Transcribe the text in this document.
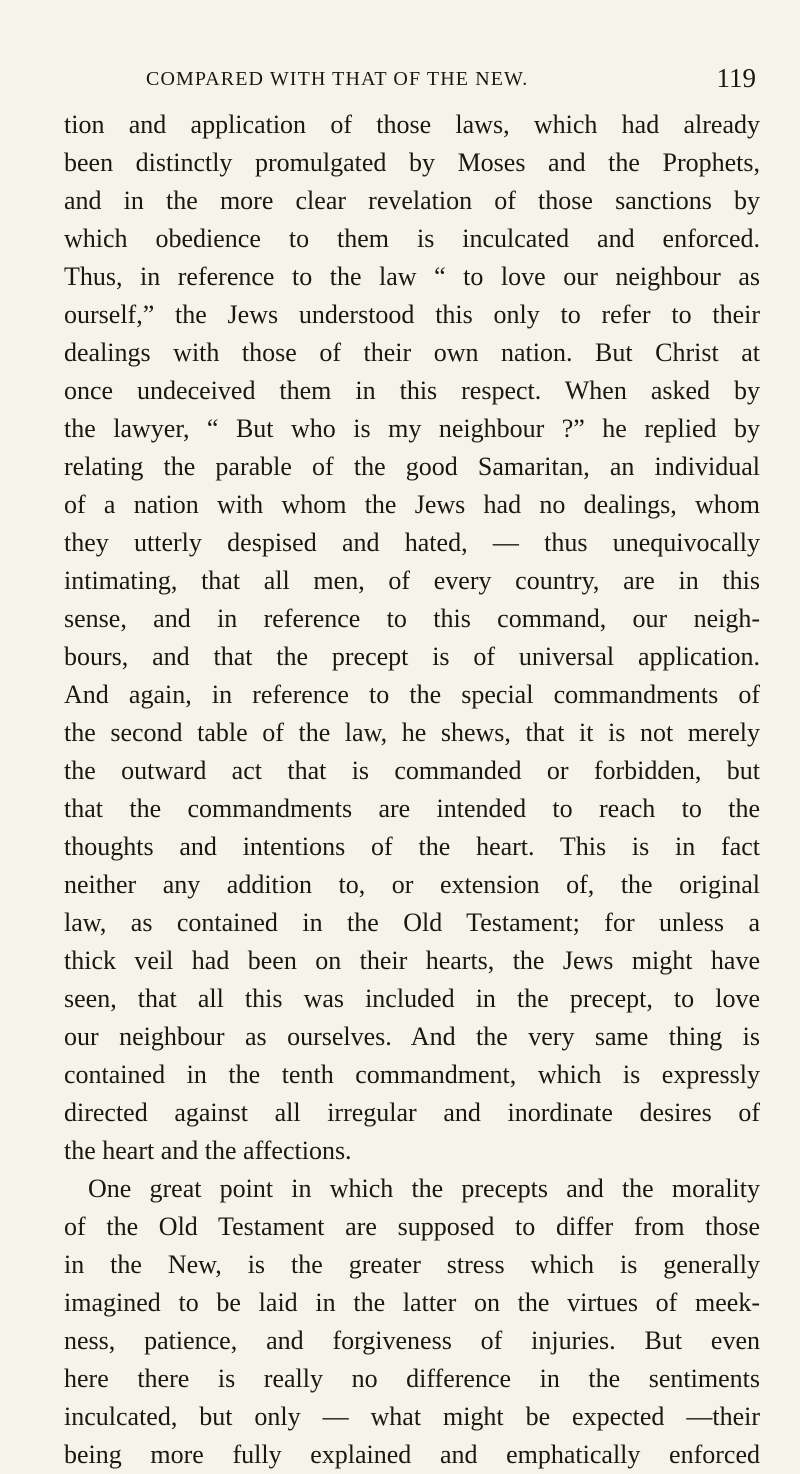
COMPARED WITH THAT OF THE NEW.	119
tion and application of those laws, which had already
been distinctly promulgated by Moses and the Prophets,
and in the more clear revelation of those sanctions by
which obedience to them is inculcated and enforced.
Thus, in reference to the law “ to love our neighbour as
ourself,” the Jews understood this only to refer to their
dealings with those of their own nation. But Christ at
once undeceived them in this respect. When asked by
the lawyer, “ But who is my neighbour ?” he replied by
relating the parable of the good Samaritan, an individual
of a nation with whom the Jews had no dealings, whom
they utterly despised and hated, — thus unequivocally
intimating, that all men, of every country, are in this
sense, and in reference to this command, our neigh-
bours, and that the precept is of universal application.
And again, in reference to the special commandments of
the second table of the law, he shews, that it is not merely
the outward act that is commanded or forbidden, but
that the commandments are intended to reach to the
thoughts and intentions of the heart. This is in fact
neither any addition to, or extension of, the original
law, as contained in the Old Testament; for unless a
thick veil had been on their hearts, the Jews might have
seen, that all this was included in the precept, to love
our neighbour as ourselves. And the very same thing is
contained in the tenth commandment, which is expressly
directed against all irregular and inordinate desires of
the heart and the affections.
One great point in which the precepts and the morality
of the Old Testament are supposed to differ from those
in the New, is the greater stress which is generally
imagined to be laid in the latter on the virtues of meek-
ness, patience, and forgiveness of injuries. But even
here there is really no difference in the sentiments
inculcated, but only — what might be expected —their
being more fully explained and emphatically enforced
